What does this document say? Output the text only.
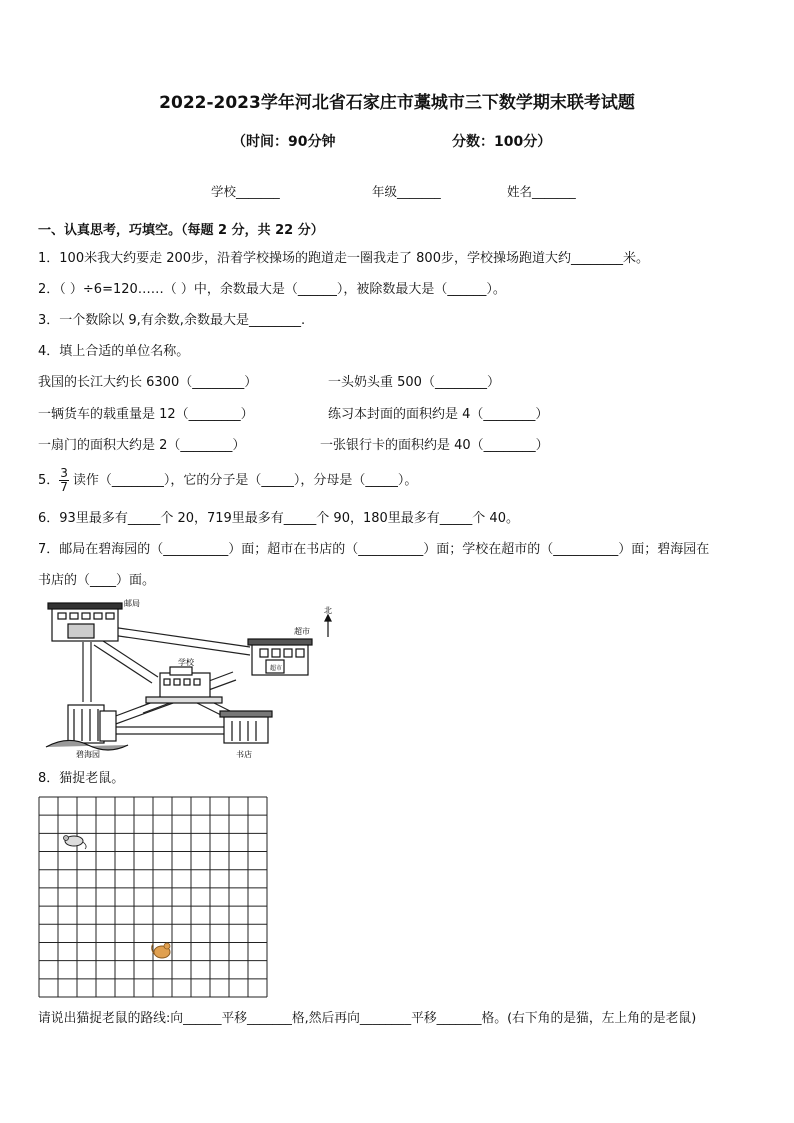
2022-2023学年河北省石家庄市藁城市三下数学期末联考试题
（时间：90分钟	分数：100分）
学校_______	年级_______	姓名_______
一、认真思考，巧填空。（每题 2 分，共 22 分）
1．100米我大约要走 200步，沿着学校操场的跑道走一圈我走了 800步，学校操场跑道大约________米。
2．（ ）÷6=120……（ ）中，余数最大是（______），被除数最大是（______）。
3．一个数除以 9,有余数,余数最大是________.
4．填上合适的单位名称。
我国的长江大约长 6300（________）	一头奶头重 500（________）
一辆货车的载重量是 12（________）	练习本封面的面积约是 4（________）
一扇门的面积大约是 2（________）	一张银行卡的面积约是 40（________）
5． $\frac{3}{7}$ 读作（________），它的分子是（_____），分母是（_____）。
6．93里最多有_____个 20，719里最多有_____个 90，180里最多有_____个 40。
7．邮局在碧海园的（__________）面；超市在书店的（__________）面；学校在超市的（__________）面；碧海园在
书店的（____）面。
邮局
超市
超市
北
学校
碧海园	书店
8．猫捉老鼠。
请说出猫捉老鼠的路线:向______平移_______格,然后再向________平移_______格。(右下角的是猫，左上角的是老鼠)
